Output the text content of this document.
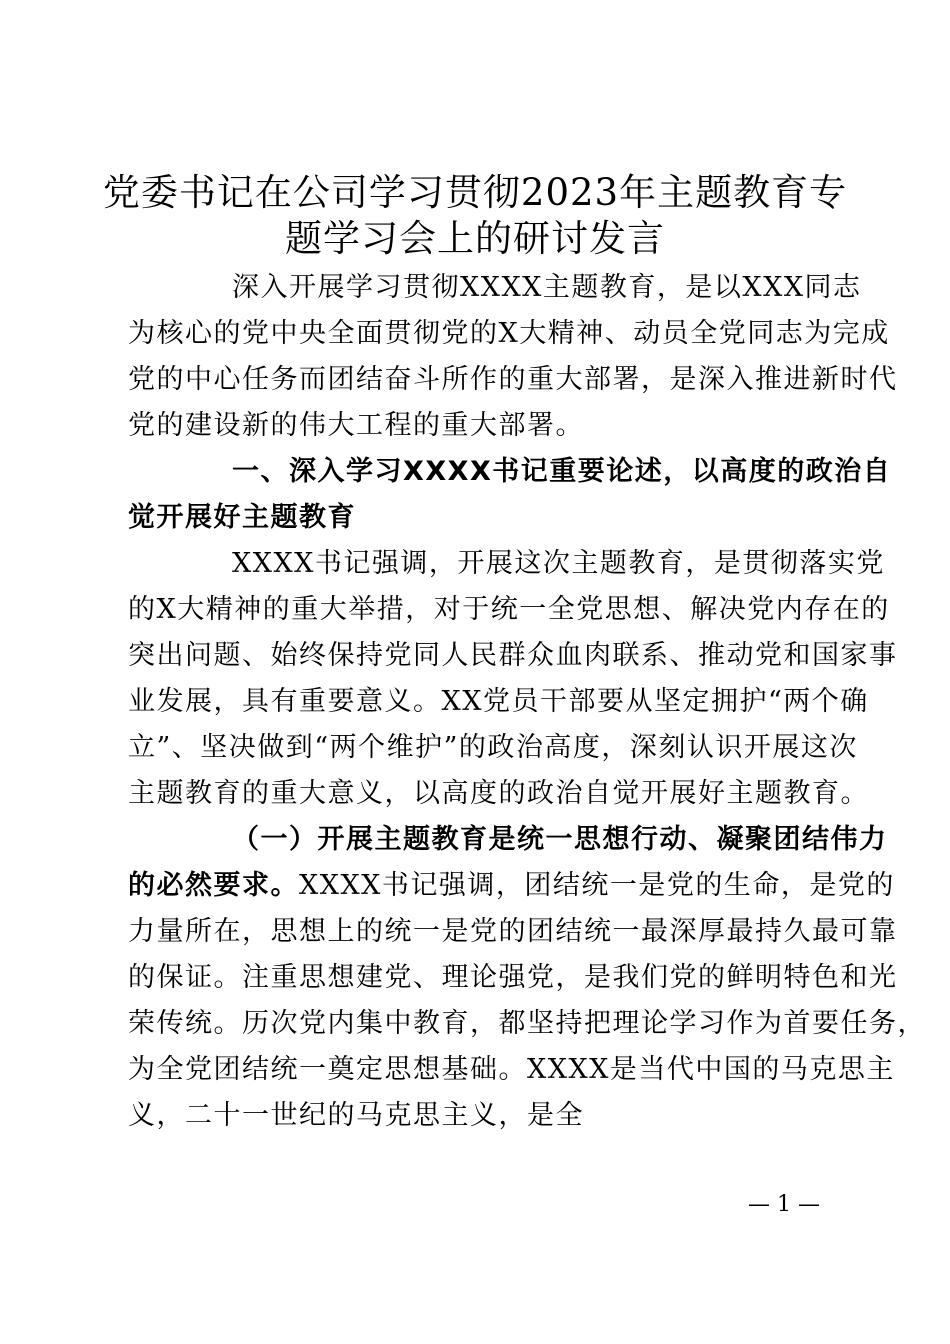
党委书记在公司学习贯彻2023年主题教育专
题学习会上的研讨发言
深入开展学习贯彻XXXX主题教育，是以XXX同志
为核心的党中央全面贯彻党的X大精神、动员全党同志为完成
党的中心任务而团结奋斗所作的重大部署，是深入推进新时代
党的建设新的伟大工程的重大部署。
一、深入学习XXXX书记重要论述，以高度的政治自
觉开展好主题教育
XXXX书记强调，开展这次主题教育，是贯彻落实党
的X大精神的重大举措，对于统一全党思想、解决党内存在的
突出问题、始终保持党同人民群众血肉联系、推动党和国家事
业发展，具有重要意义。XX党员干部要从坚定拥护“两个确
立”、坚决做到“两个维护”的政治高度，深刻认识开展这次
主题教育的重大意义，以高度的政治自觉开展好主题教育。
（一）开展主题教育是统一思想行动、凝聚团结伟力
的必然要求。XXXX书记强调，团结统一是党的生命，是党的
力量所在，思想上的统一是党的团结统一最深厚最持久最可靠
的保证。注重思想建党、理论强党，是我们党的鲜明特色和光
荣传统。历次党内集中教育，都坚持把理论学习作为首要任务，
为全党团结统一奠定思想基础。XXXX是当代中国的马克思主
义，二十一世纪的马克思主义，是全
— 1 —
